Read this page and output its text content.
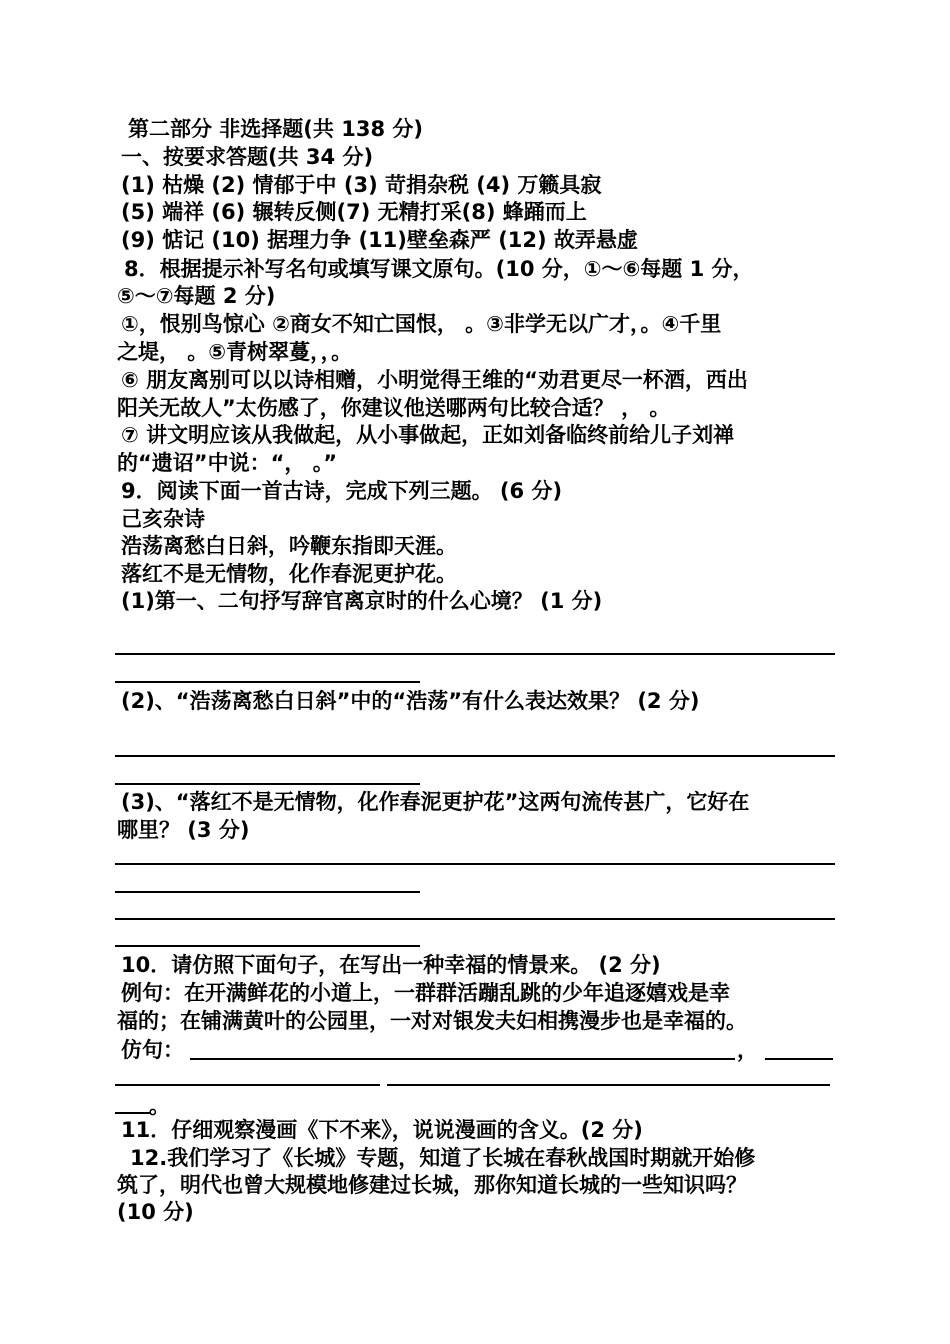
第二部分 非选择题(共 138 分)
一、按要求答题(共 34 分)
(1) 枯燥 (2) 情郁于中 (3) 苛捐杂税 (4) 万籁具寂
(5) 端祥 (6) 辗转反侧(7) 无精打采(8) 蜂踊而上
(9) 惦记 (10) 据理力争 (11)壁垒森严 (12) 故弄悬虚
8．根据提示补写名句或填写课文原句。(10 分，①～⑥每题 1 分，
⑤～⑦每题 2 分)
①，恨别鸟惊心 ②商女不知亡国恨， 。③非学无以广才，。④千里
之堤， 。⑤青树翠蔓，，。
⑥ 朋友离别可以以诗相赠，小明觉得王维的“劝君更尽一杯酒，西出
阳关无故人”太伤感了，你建议他送哪两句比较合适？ ， 。
⑦ 讲文明应该从我做起，从小事做起，正如刘备临终前给儿子刘禅
的“遗诏”中说：“， 。”
9．阅读下面一首古诗，完成下列三题。 (6 分)
己亥杂诗
浩荡离愁白日斜，吟鞭东指即天涯。
落红不是无情物，化作春泥更护花。
(1)第一、二句抒写辞官离京时的什么心境？ (1 分)
(2)、“浩荡离愁白日斜”中的“浩荡”有什么表达效果？ (2 分)
(3)、“落红不是无情物，化作春泥更护花”这两句流传甚广，它好在
哪里？ (3 分)
10．请仿照下面句子，在写出一种幸福的情景来。 (2 分)
例句：在开满鲜花的小道上，一群群活蹦乱跳的少年追逐嬉戏是幸
福的；在铺满黄叶的公园里，一对对银发夫妇相携漫步也是幸福的。
仿句：	，
。
11．仔细观察漫画《下不来》，说说漫画的含义。(2 分)
12.我们学习了《长城》专题，知道了长城在春秋战国时期就开始修
筑了，明代也曾大规模地修建过长城，那你知道长城的一些知识吗？
(10 分)
